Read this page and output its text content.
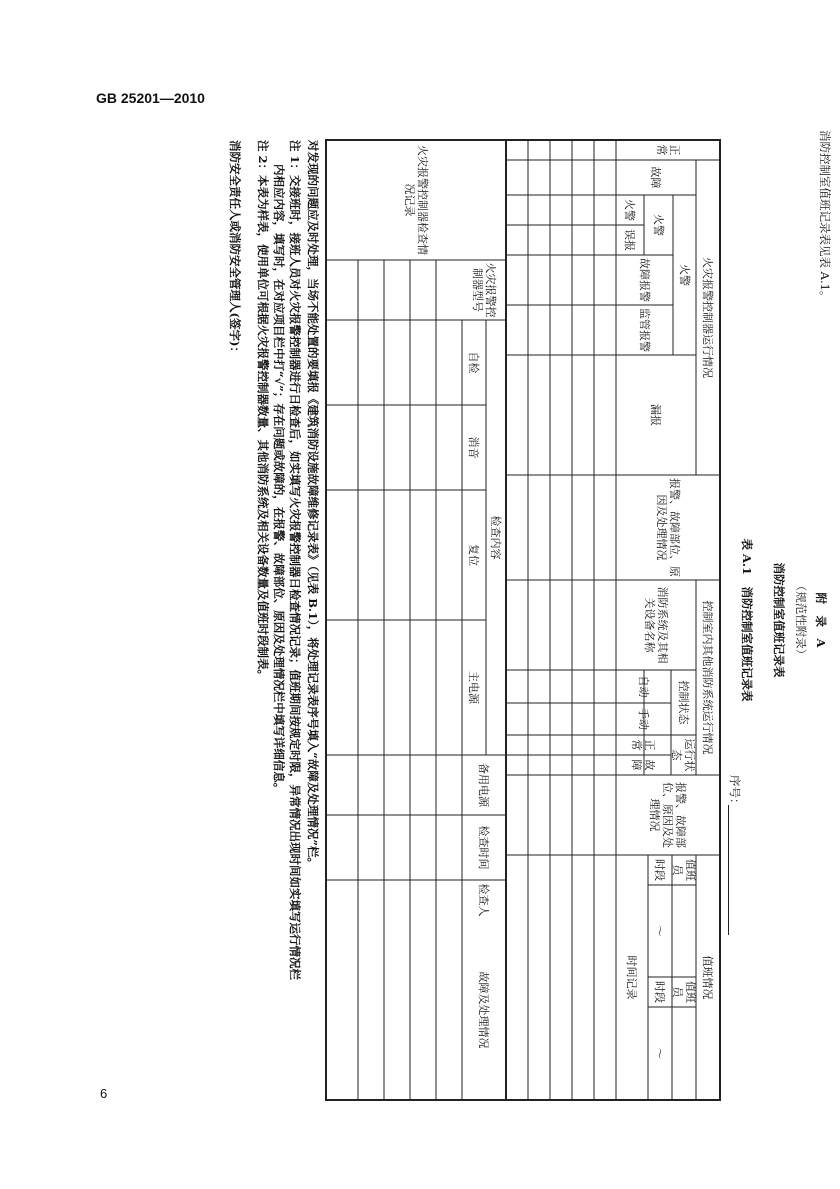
GB 25201—2010
6
消防控制室值班记录表见表 A.1。
附　录　A
（规范性附录）
消防控制室值班记录表
表 A.1　消防控制室值班记录表
序号：
正常
火灾报警控制器运行情况
故障
火警
火警
火警
误报
故障报警
监管报警
漏报
报警、故障部位、原因及处理情况
控制室内其他消防系统运行情况
消防系统及其相关设备名称
控制状态
自动
手动
运行状态
正常
故障
报警、故障部位、原因及处理情况
值班情况
值班员
值班员
时段
时段
～
～
时间记录
火灾报警控制器检查情况记录
火灾报警控制器型号
检查内容
自检
消音
复位
主电源
备用电源
检查时间
检查人
故障及处理情况
对发现的问题应及时处理，当场不能处置的要填报《建筑消防设施故障维修记录表》（见表 B.1），将处理记录表序号填入“故障及处理情况”栏。
注 1：交接班时，接班人员对火灾报警控制器进行日检查后，如实填写火灾报警控制器日检查情况记录；值班期间按规定时限，异常情况出现时间如实填写运行情况栏
内相应内容，填写时，在对应项目栏中打“√”；存在问题或故障的，在报警、故障部位、原因及处理情况栏中填写详细信息。
注 2：本表为样表，使用单位可根据火灾报警控制器数量、其他消防系统及相关设备数量及值班时段制表。
消防安全责任人或消防安全管理人(签字)：
